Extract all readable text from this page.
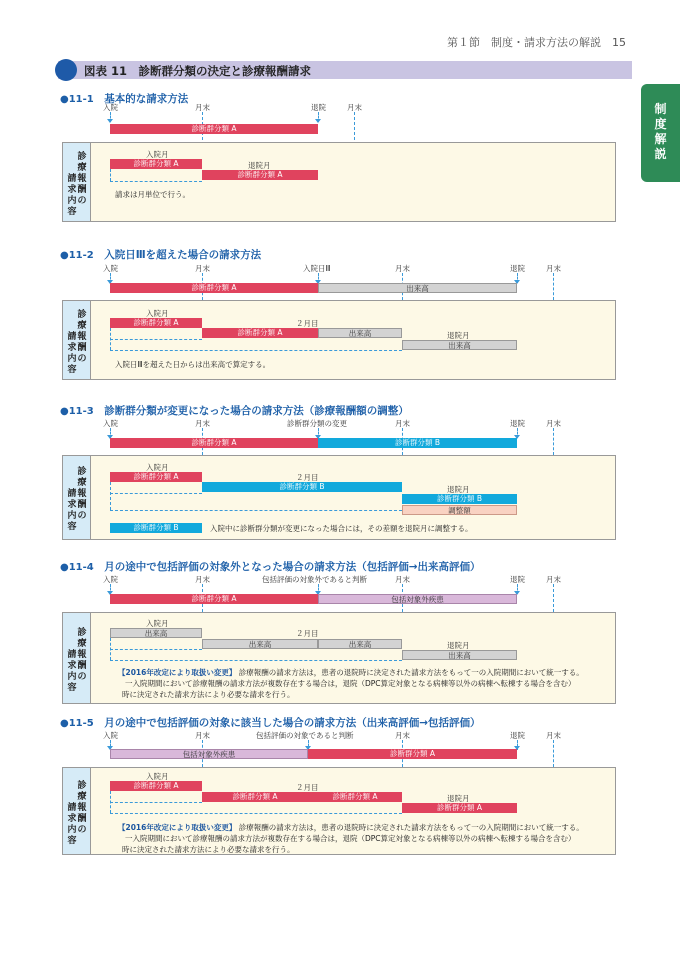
第１節　制度・請求方法の解説　15
図表 11　診断群分類の決定と診療報酬請求
制
度
解
説
●11-1　 基本的な請求方法
入院	月末	退院	月末
診断群分類 A
診
療
報
酬
の
請
求
内
容
入院月
診断群分類 A	退院月
診断群分類 A
請求は月単位で行う。
●11-2　 入院日Ⅲを超えた場合の請求方法
入院	月末	入院日Ⅲ	月末	退院	月末
診断群分類 A	出来高
診
療
報
酬
の
請
求
内
容
入院月
診断群分類 A	２月目
診断群分類 A	出来高	退院月
出来高
入院日Ⅲを超えた日からは出来高で算定する。
●11-3　 診断群分類が変更になった場合の請求方法（診療報酬額の調整）
入院	月末	診断群分類の変更	月末	退院	月末
診断群分類 A	診断群分類 B
診
療
報
酬
の
請
求
内
容
入院月
診断群分類 A	２月目
診断群分類 B	退院月
診断群分類 B
調整額
診断群分類 B	入院中に診断群分類が変更になった場合には，その差額を退院月に調整する。
●11-4　 月の途中で包括評価の対象外となった場合の請求方法（包括評価→出来高評価）
入院	月末	包括評価の対象外であると判断	月末	退院	月末
診断群分類 A	包括対象外疾患
診
療
報
酬
の
請
求
内
容
入院月
出来高	２月目
出来高	出来高	退院月
出来高
【2016年改定により取扱い変更】 診療報酬の請求方法は，患者の退院時に決定された請求方法をもって一の入院期間において統一する。
一入院期間において診療報酬の請求方法が複数存在する場合は，退院（DPC算定対象となる病棟等以外の病棟へ転棟する場合を含む）
時に決定された請求方法により必要な請求を行う。
●11-5　 月の途中で包括評価の対象に該当した場合の請求方法（出来高評価→包括評価）
入院	月末	包括評価の対象であると判断	月末	退院	月末
包括対象外疾患	診断群分類 A
診
療
報
酬
の
請
求
内
容
入院月
診断群分類 A	２月目
診断群分類 A	診断群分類 A	退院月
診断群分類 A
【2016年改定により取扱い変更】 診療報酬の請求方法は，患者の退院時に決定された請求方法をもって一の入院期間において統一する。
一入院期間において診療報酬の請求方法が複数存在する場合は，退院（DPC算定対象となる病棟等以外の病棟へ転棟する場合を含む）
時に決定された請求方法により必要な請求を行う。
